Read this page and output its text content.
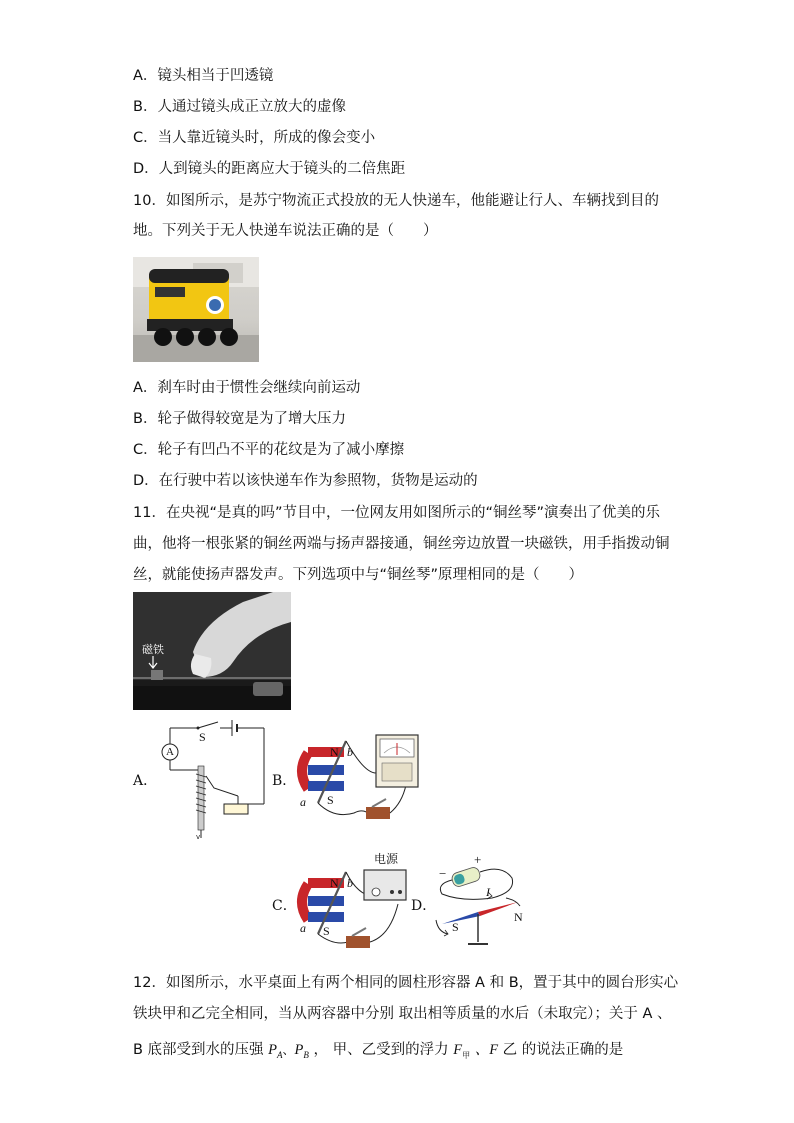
A．镜头相当于凹透镜
B．人通过镜头成正立放大的虚像
C．当人靠近镜头时，所成的像会变小
D．人到镜头的距离应大于镜头的二倍焦距
10．如图所示，是苏宁物流正式投放的无人快递车，他能避让行人、车辆找到目的
地。下列关于无人快递车说法正确的是（　　）
A．刹车时由于惯性会继续向前运动
B．轮子做得较宽是为了增大压力
C．轮子有凹凸不平的花纹是为了减小摩擦
D．在行驶中若以该快递车作为参照物，货物是运动的
11．在央视“是真的吗”节目中，一位网友用如图所示的“铜丝琴”演奏出了优美的乐
曲，他将一根张紧的铜丝两端与扬声器接通，铜丝旁边放置一块磁铁，用手指拨动铜
丝，就能使扬声器发声。下列选项中与“铜丝琴”原理相同的是（　　）
磁铁
A．
ⅴ
A
S
B．
N b
a S
C．
电源
N b
a S
D．
+
−
I
S
N
12．如图所示，水平桌面上有两个相同的圆柱形容器 A 和 B，置于其中的圆台形实心
铁块甲和乙完全相同，当从两容器中分别 取出相等质量的水后（未取完）；关于 A 、
B 底部受到水的压强 $P_A$、$P_B$ ， 甲、乙受到的浮力 $F_甲$ 、F 乙 的说法正确的是
